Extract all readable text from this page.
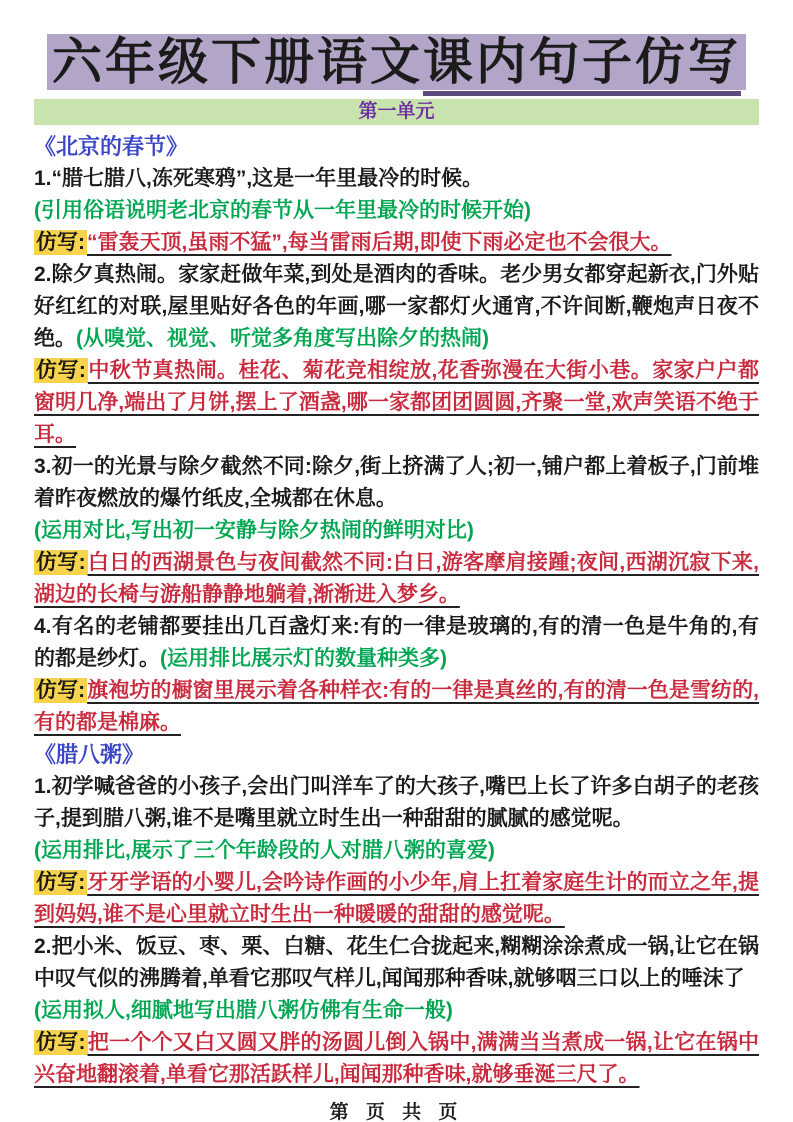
六年级下册语文课内句子仿写
第一单元
《北京的春节》

1.“腊七腊八,冻死寒鸦”,这是一年里最冷的时候。

(引用俗语说明老北京的春节从一年里最冷的时候开始)

仿写:“雷轰天顶,虽雨不猛”,每当雷雨后期,即使下雨必定也不会很大。

2.除夕真热闹。家家赶做年菜,到处是酒肉的香味。老少男女都穿起新衣,门外贴好红红的对联,屋里贴好各色的年画,哪一家都灯火通宵,不许间断,鞭炮声日夜不绝。(从嗅觉、视觉、听觉多角度写出除夕的热闹)

仿写:中秋节真热闹。桂花、菊花竞相绽放,花香弥漫在大街小巷。家家户户都窗明几净,端出了月饼,摆上了酒盏,哪一家都团团圆圆,齐聚一堂,欢声笑语不绝于耳。

3.初一的光景与除夕截然不同:除夕,街上挤满了人;初一,铺户都上着板子,门前堆着昨夜燃放的爆竹纸皮,全城都在休息。

(运用对比,写出初一安静与除夕热闹的鲜明对比)

仿写:白日的西湖景色与夜间截然不同:白日,游客摩肩接踵;夜间,西湖沉寂下来,湖边的长椅与游船静静地躺着,渐渐进入梦乡。

4.有名的老铺都要挂出几百盏灯来:有的一律是玻璃的,有的清一色是牛角的,有的都是纱灯。(运用排比展示灯的数量种类多)

仿写:旗袍坊的橱窗里展示着各种样衣:有的一律是真丝的,有的清一色是雪纺的,有的都是棉麻。

《腊八粥》

1.初学喊爸爸的小孩子,会出门叫洋车了的大孩子,嘴巴上长了许多白胡子的老孩子,提到腊八粥,谁不是嘴里就立时生出一种甜甜的腻腻的感觉呢。

(运用排比,展示了三个年龄段的人对腊八粥的喜爱)

仿写:牙牙学语的小婴儿,会吟诗作画的小少年,肩上扛着家庭生计的而立之年,提到妈妈,谁不是心里就立时生出一种暖暖的甜甜的感觉呢。

2.把小米、饭豆、枣、栗、白糖、花生仁合拢起来,糊糊涂涂煮成一锅,让它在锅中叹气似的沸腾着,单看它那叹气样儿,闻闻那种香味,就够咽三口以上的唾沫了

(运用拟人,细腻地写出腊八粥仿佛有生命一般)

仿写:把一个个又白又圆又胖的汤圆儿倒入锅中,满满当当煮成一锅,让它在锅中兴奋地翻滚着,单看它那活跃样儿,闻闻那种香味,就够垂涎三尺了。

第 页 共 页
